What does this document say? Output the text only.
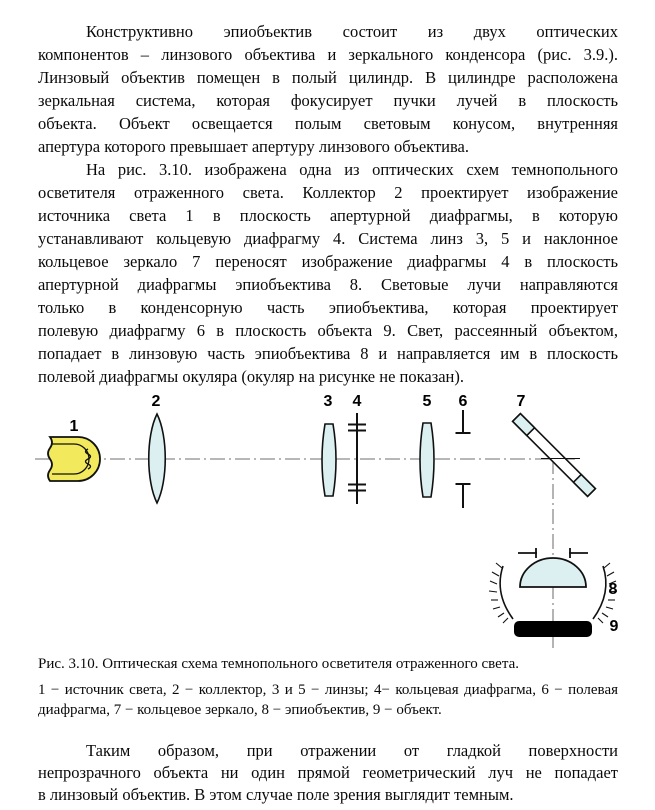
Конструктивно эпиобъектив состоит из двух оптических
компонентов – линзового объектива и зеркального конденсора (рис. 3.9.).
Линзовый объектив помещен в полый цилиндр. В цилиндре расположена
зеркальная система, которая фокусирует пучки лучей в плоскость
объекта. Объект освещается полым световым конусом, внутренняя
апертура которого превышает апертуру линзового объектива.
На рис. 3.10. изображена одна из оптических схем темнопольного
осветителя отраженного света. Коллектор 2 проектирует изображение
источника света 1 в плоскость апертурной диафрагмы, в которую
устанавливают кольцевую диафрагму 4. Система линз 3, 5 и наклонное
кольцевое зеркало 7 переносят изображение диафрагмы 4 в плоскость
апертурной диафрагмы эпиобъектива 8. Световые лучи направляются
только в конденсорную часть эпиобъектива, которая проектирует
полевую диафрагму 6 в плоскость объекта 9. Свет, рассеянный объектом,
попадает в линзовую часть эпиобъектива 8 и направляется им в плоскость
полевой диафрагмы окуляра (окуляр на рисунке не показан).
1
2	3 4	5 6	7
8
9
Рис. 3.10. Оптическая схема темнопольного осветителя отраженного света.
1 − источник света, 2 − коллектор, 3 и 5 − линзы; 4− кольцевая диафрагма, 6 − полевая
диафрагма, 7 − кольцевое зеркало, 8 − эпиобъектив, 9 − объект.
Таким образом, при отражении от гладкой поверхности
непрозрачного объекта ни один прямой геометрический луч не попадает
в линзовый объектив. В этом случае поле зрения выглядит темным.
